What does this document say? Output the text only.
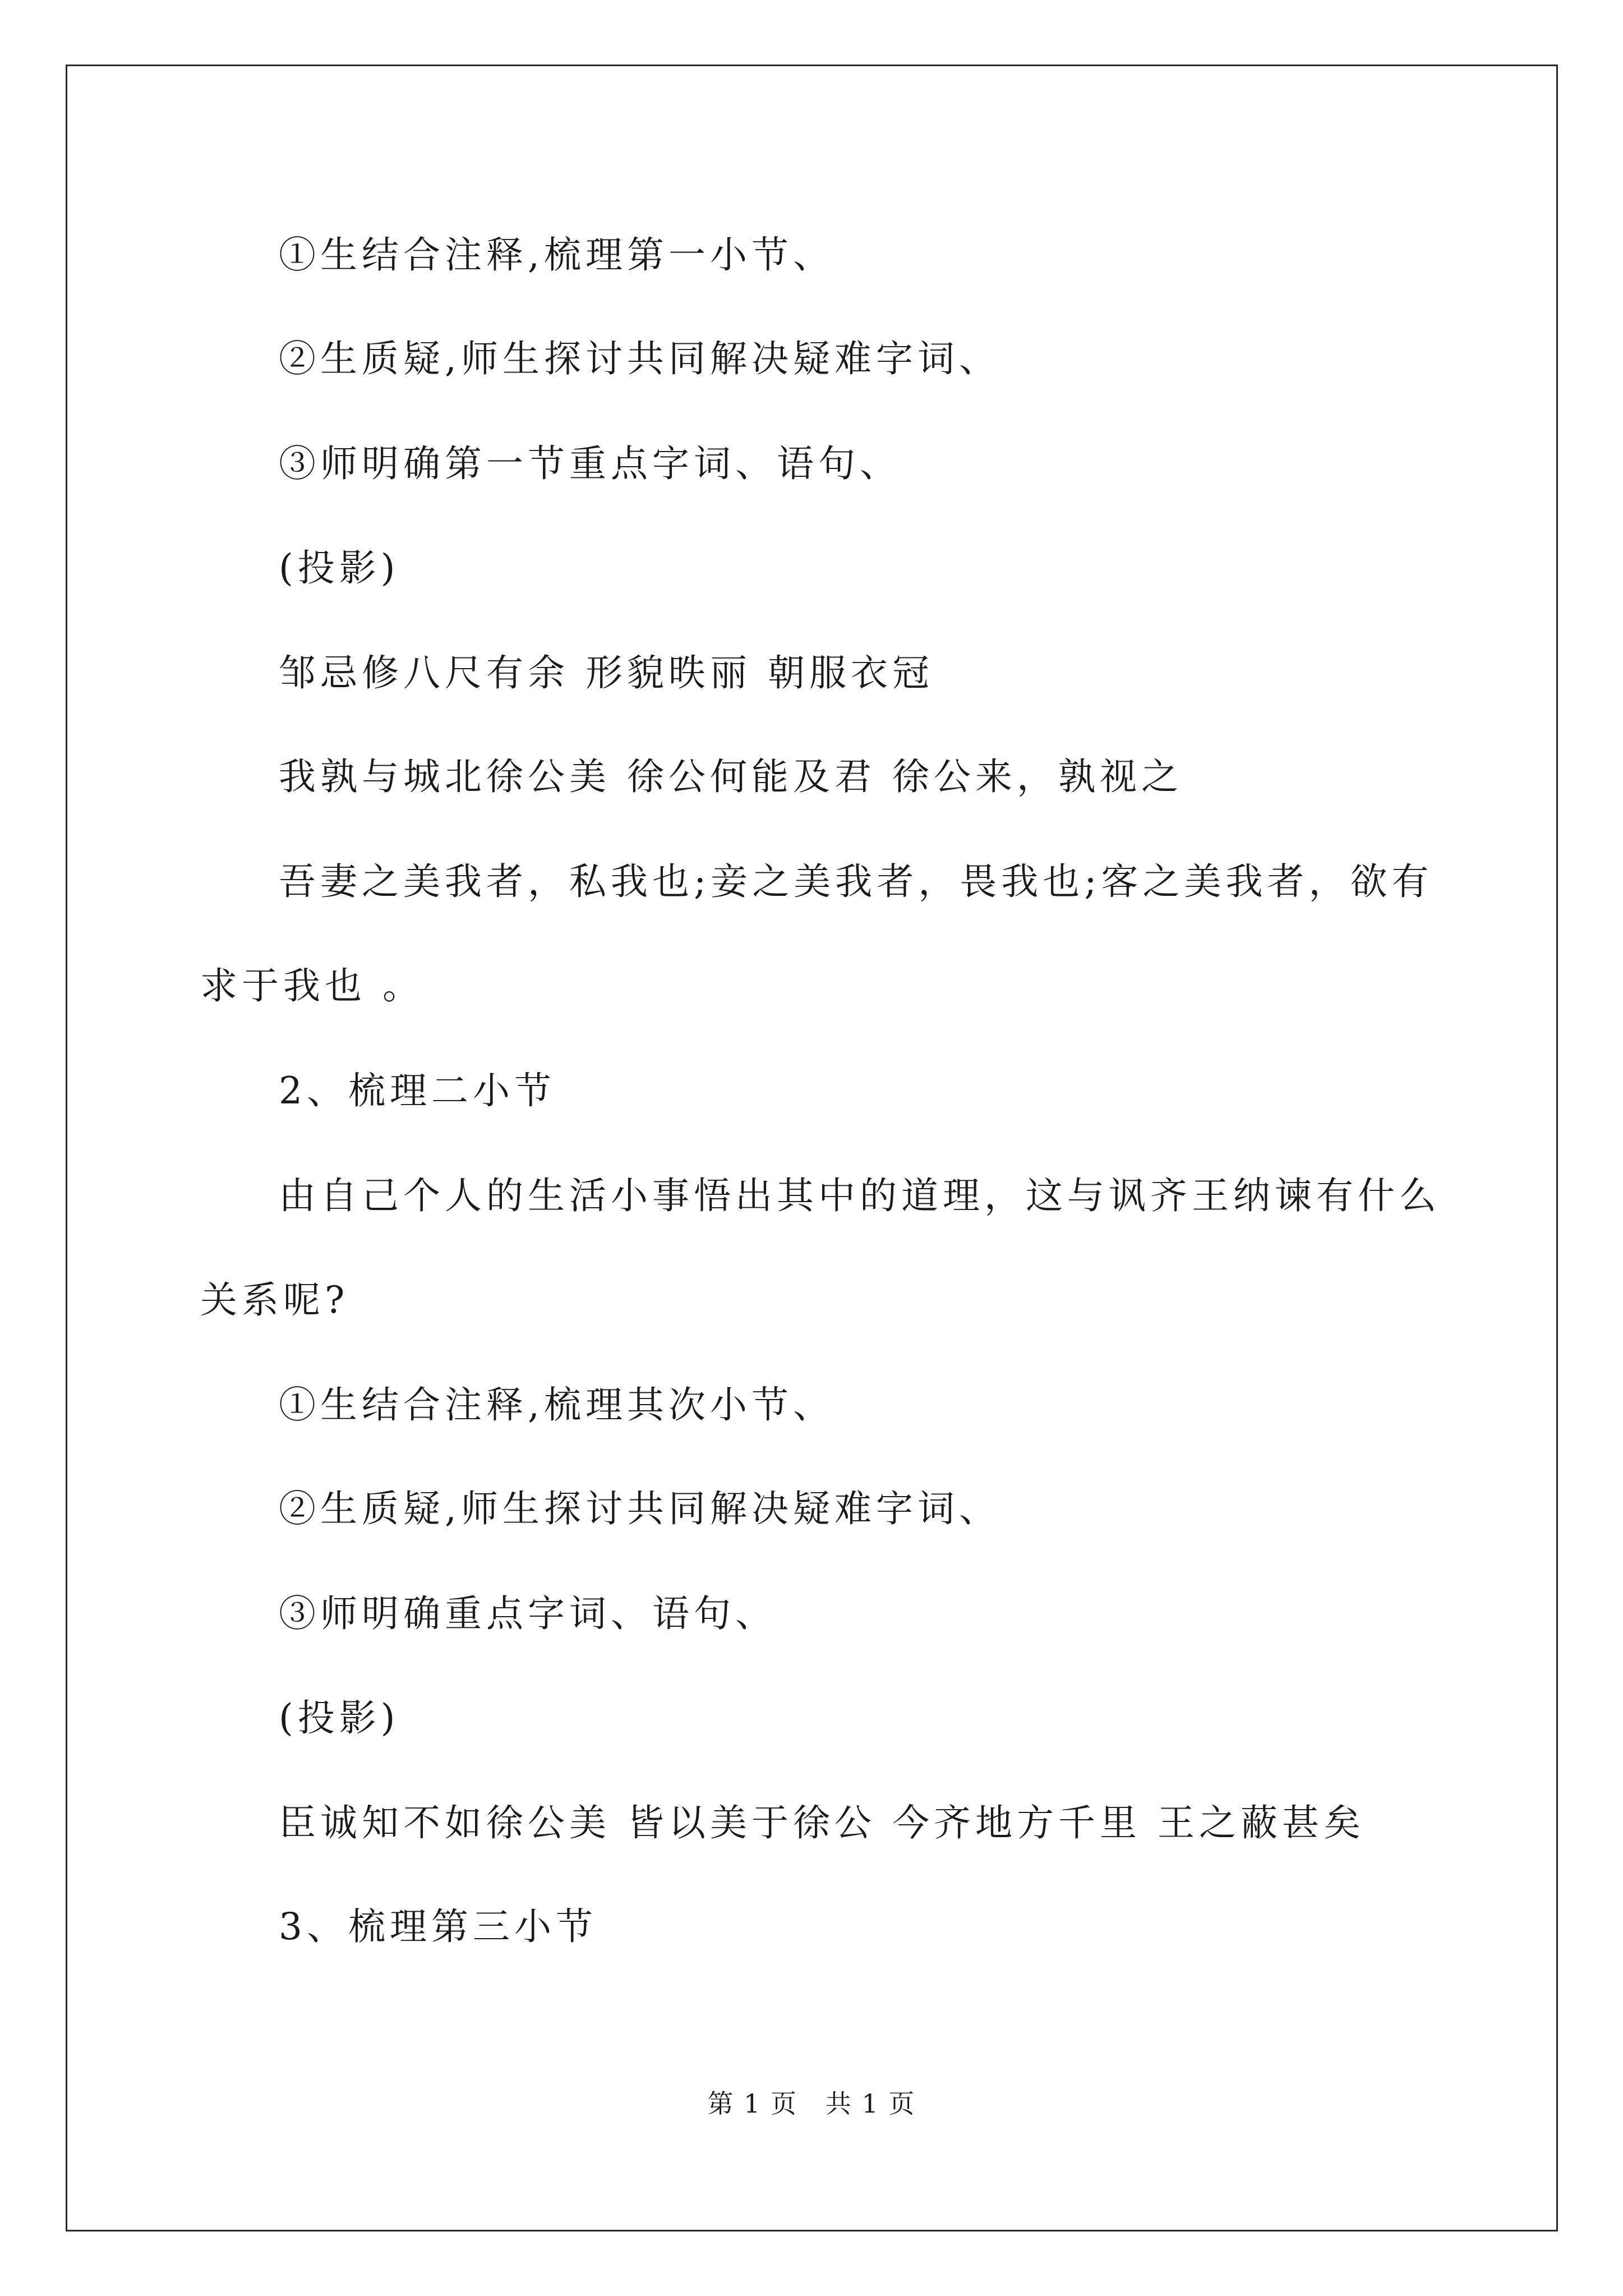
①生结合注释,梳理第一小节、
②生质疑,师生探讨共同解决疑难字词、
③师明确第一节重点字词、语句、
(投影)
邹忌修八尺有余 形貌昳丽 朝服衣冠
我孰与城北徐公美 徐公何能及君 徐公来，孰视之
吾妻之美我者，私我也;妾之美我者，畏我也;客之美我者，欲有
求于我也 。
2、梳理二小节
由自己个人的生活小事悟出其中的道理，这与讽齐王纳谏有什么
关系呢?
①生结合注释,梳理其次小节、
②生质疑,师生探讨共同解决疑难字词、
③师明确重点字词、语句、
(投影)
臣诚知不如徐公美 皆以美于徐公 今齐地方千里 王之蔽甚矣
3、梳理第三小节
第 1 页   共 1 页
